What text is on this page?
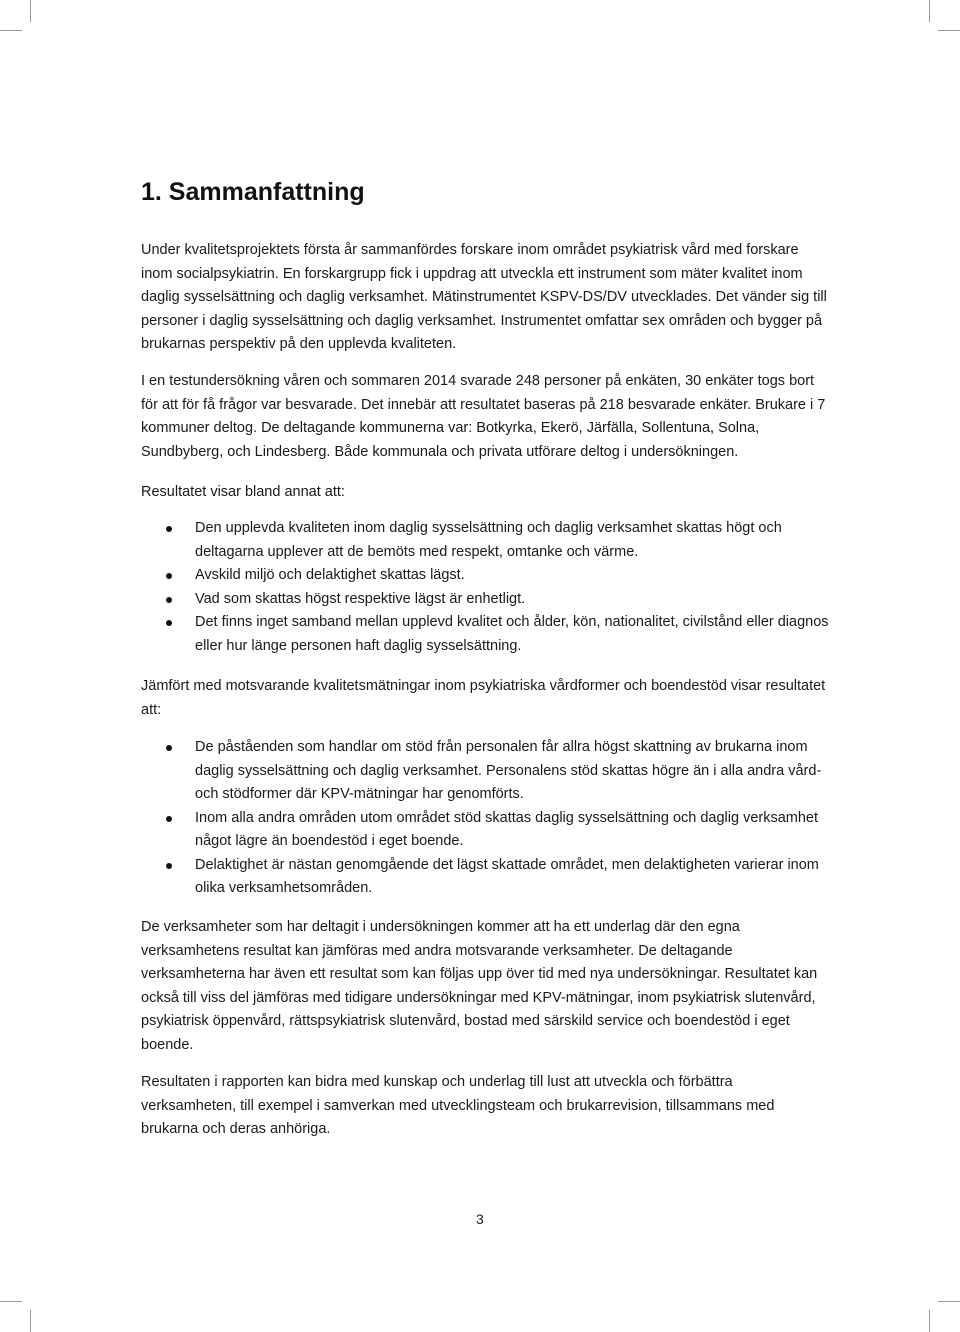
1. Sammanfattning

Under kvalitetsprojektets första år sammanfördes forskare inom området psykiatrisk vård med forskare inom socialpsykiatrin. En forskargrupp fick i uppdrag att utveckla ett instrument som mäter kvalitet inom daglig sysselsättning och daglig verksamhet. Mätinstrumentet KSPV-DS/DV utvecklades. Det vänder sig till personer i daglig sysselsättning och daglig verksamhet. Instrumentet omfattar sex områden och bygger på brukarnas perspektiv på den upplevda kvaliteten.

I en testundersökning våren och sommaren 2014 svarade 248 personer på enkäten, 30 enkäter togs bort för att för få frågor var besvarade. Det innebär att resultatet baseras på 218 besvarade enkäter. Brukare i 7 kommuner deltog. De deltagande kommunerna var: Botkyrka, Ekerö, Järfälla, Sollentuna, Solna, Sundbyberg, och Lindesberg. Både kommunala och privata utförare deltog i undersökningen.

Resultatet visar bland annat att:

Den upplevda kvaliteten inom daglig sysselsättning och daglig verksamhet skattas högt och deltagarna upplever att de bemöts med respekt, omtanke och värme.
Avskild miljö och delaktighet skattas lägst.
Vad som skattas högst respektive lägst är enhetligt.
Det finns inget samband mellan upplevd kvalitet och ålder, kön, nationalitet, civilstånd eller diagnos eller hur länge personen haft daglig sysselsättning.

Jämfört med motsvarande kvalitetsmätningar inom psykiatriska vårdformer och boendestöd visar resultatet att:

De påståenden som handlar om stöd från personalen får allra högst skattning av brukarna inom daglig sysselsättning och daglig verksamhet. Personalens stöd skattas högre än i alla andra vård- och stödformer där KPV-mätningar har genomförts.
Inom alla andra områden utom området stöd skattas daglig sysselsättning och daglig verksamhet något lägre än boendestöd i eget boende.
Delaktighet är nästan genomgående det lägst skattade området, men delaktigheten varierar inom olika verksamhetsområden.

De verksamheter som har deltagit i undersökningen kommer att ha ett underlag där den egna verksamhetens resultat kan jämföras med andra motsvarande verksamheter. De deltagande verksamheterna har även ett resultat som kan följas upp över tid med nya undersökningar. Resultatet kan också till viss del jämföras med tidigare undersökningar med KPV-mätningar, inom psykiatrisk slutenvård, psykiatrisk öppenvård, rättspsykiatrisk slutenvård, bostad med särskild service och boendestöd i eget boende.

Resultaten i rapporten kan bidra med kunskap och underlag till lust att utveckla och förbättra verksamheten, till exempel i samverkan med utvecklingsteam och brukarrevision, tillsammans med brukarna och deras anhöriga.

3
